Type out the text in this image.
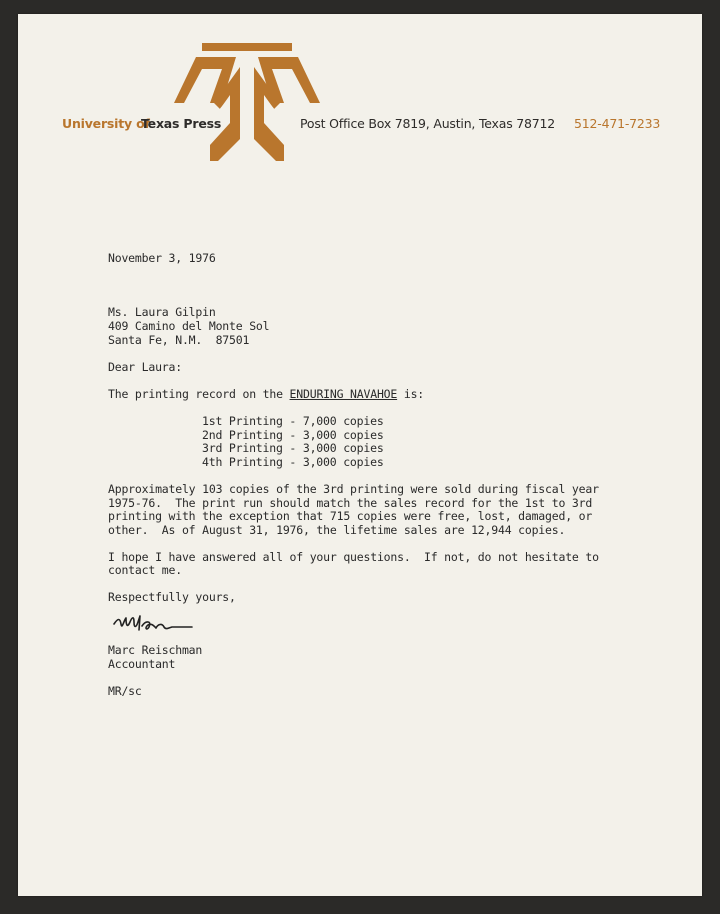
University of
Texas Press	Post Office Box 7819, Austin, Texas 78712 512-471-7233
November 3, 1976
Ms. Laura Gilpin
409 Camino del Monte Sol
Santa Fe, N.M.  87501
Dear Laura:
The printing record on the ENDURING NAVAHOE is:
1st Printing - 7,000 copies
2nd Printing - 3,000 copies
3rd Printing - 3,000 copies
4th Printing - 3,000 copies
Approximately 103 copies of the 3rd printing were sold during fiscal year
1975-76.  The print run should match the sales record for the 1st to 3rd
printing with the exception that 715 copies were free, lost, damaged, or
other.  As of August 31, 1976, the lifetime sales are 12,944 copies.
I hope I have answered all of your questions.  If not, do not hesitate to
contact me.
Respectfully yours,
Marc Reischman
Accountant
MR/sc
